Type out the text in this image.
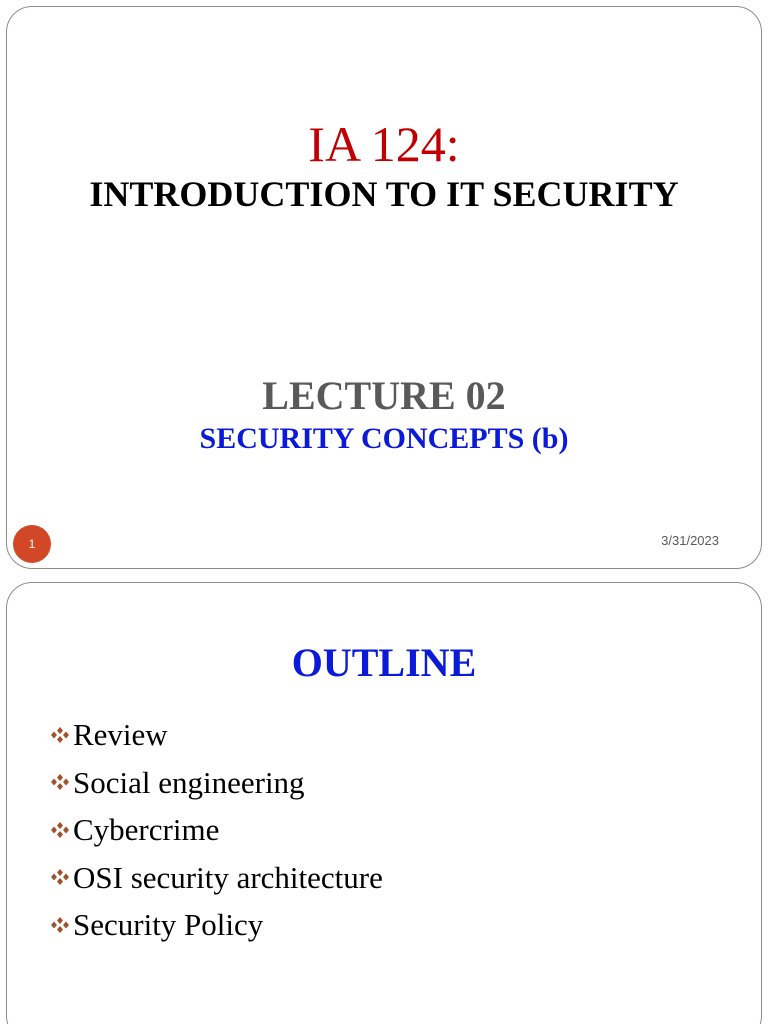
IA 124:
INTRODUCTION TO IT SECURITY
LECTURE 02
SECURITY CONCEPTS (b)
1	3/31/2023
OUTLINE
Review
Social engineering
Cybercrime
OSI security architecture
Security Policy
